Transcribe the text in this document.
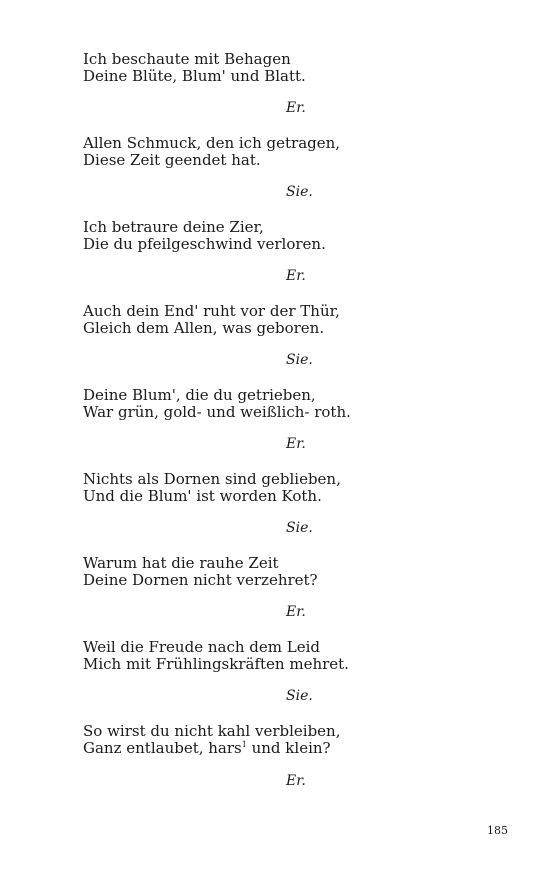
Ich beschaute mit Behagen
Deine Blüte, Blum' und Blatt.
Er.
Allen Schmuck, den ich getragen,
Diese Zeit geendet hat.
Sie.
Ich betraure deine Zier,
Die du pfeilgeschwind verloren.
Er.
Auch dein End' ruht vor der Thür,
Gleich dem Allen, was geboren.
Sie.
Deine Blum', die du getrieben,
War grün, gold- und weißlich- roth.
Er.
Nichts als Dornen sind geblieben,
Und die Blum' ist worden Koth.
Sie.
Warum hat die rauhe Zeit
Deine Dornen nicht verzehret?
Er.
Weil die Freude nach dem Leid
Mich mit Frühlingskräften mehret.
Sie.
So wirst du nicht kahl verbleiben,
Ganz entlaubet, hars$^1$ und klein?
Er.
185
